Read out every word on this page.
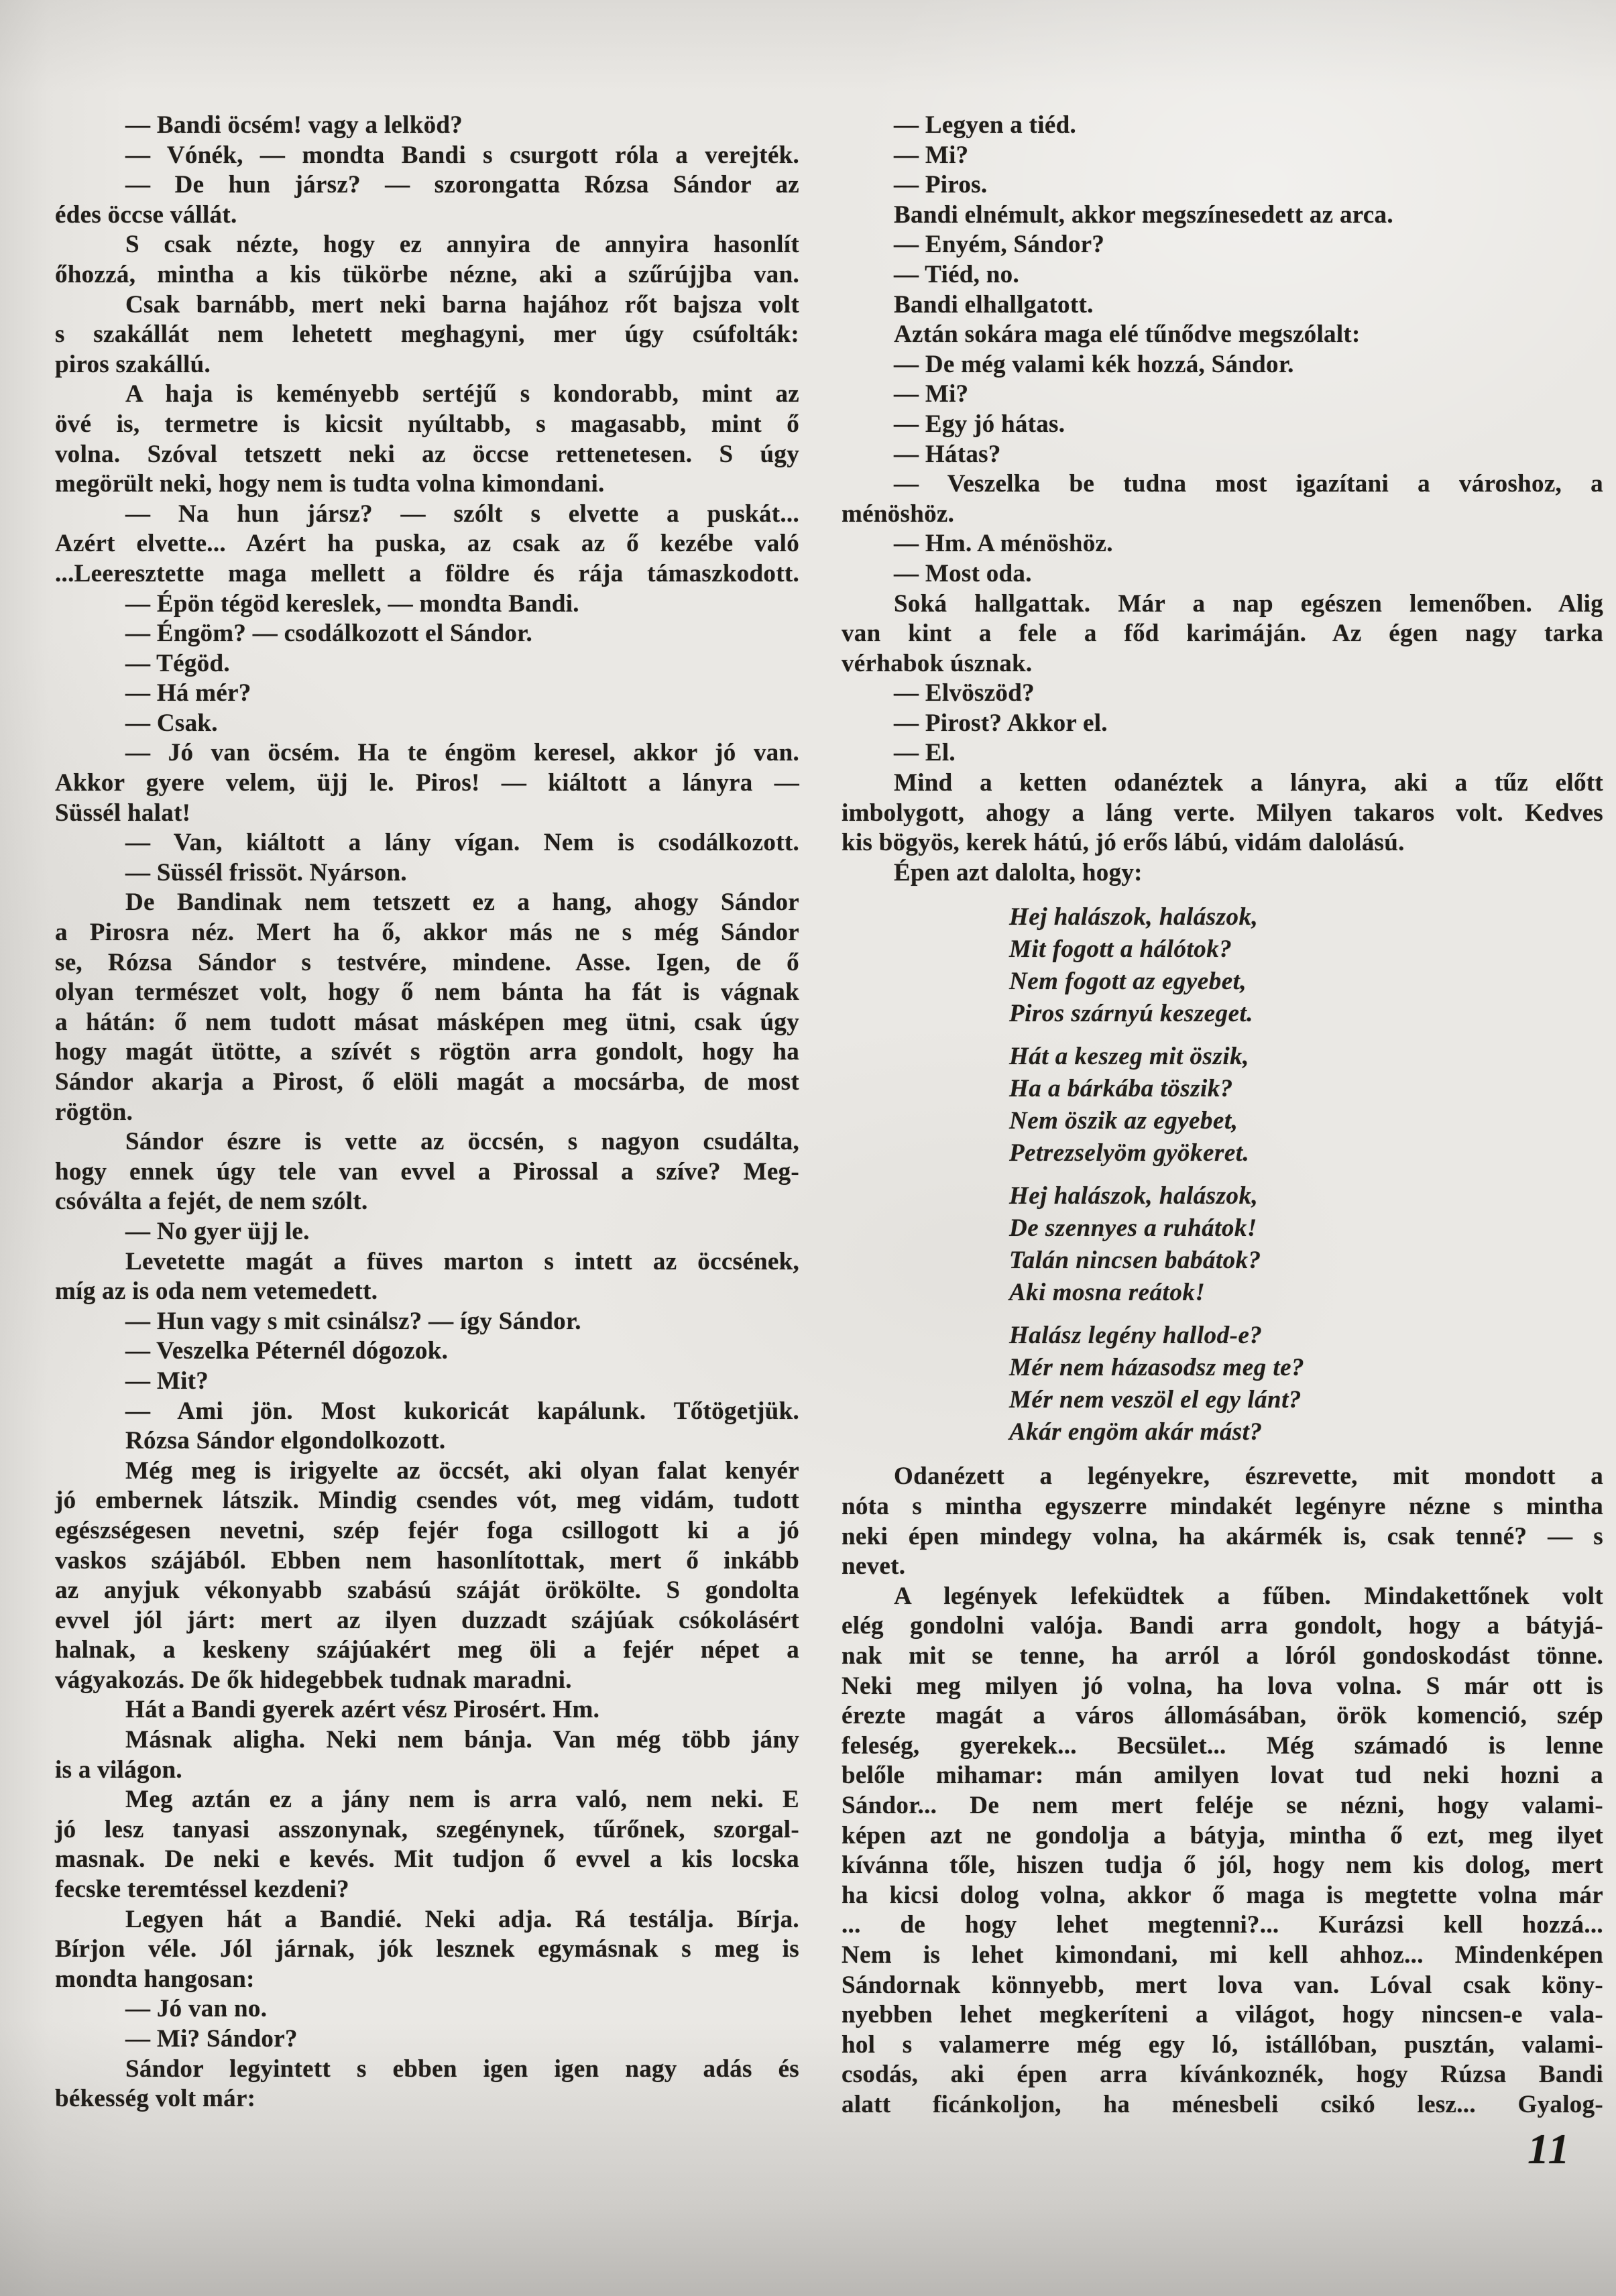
— Bandi öcsém! vagy a lelköd?
— Vónék, — mondta Bandi s csurgott róla a verejték.
— De hun jársz? — szorongatta Rózsa Sándor az
édes öccse vállát.
S csak nézte, hogy ez annyira de annyira hasonlít
őhozzá, mintha a kis tükörbe nézne, aki a szűrújjba van.
Csak barnább, mert neki barna hajához rőt bajsza volt
s szakállát nem lehetett meghagyni, mer úgy csúfolták:
piros szakállú.
A haja is keményebb sertéjű s kondorabb, mint az
övé is, termetre is kicsit nyúltabb, s magasabb, mint ő
volna. Szóval tetszett neki az öccse rettenetesen. S úgy
megörült neki, hogy nem is tudta volna kimondani.
— Na hun jársz? — szólt s elvette a puskát...
Azért elvette... Azért ha puska, az csak az ő kezébe való
...Leeresztette maga mellett a földre és rája támaszkodott.
— Épön tégöd kereslek, — mondta Bandi.
— Éngöm? — csodálkozott el Sándor.
— Tégöd.
— Há mér?
— Csak.
— Jó van öcsém. Ha te éngöm keresel, akkor jó van.
Akkor gyere velem, üjj le. Piros! — kiáltott a lányra —
Süssél halat!
— Van, kiáltott a lány vígan. Nem is csodálkozott.
— Süssél frissöt. Nyárson.
De Bandinak nem tetszett ez a hang, ahogy Sándor
a Pirosra néz. Mert ha ő, akkor más ne s még Sándor
se, Rózsa Sándor s testvére, mindene. Asse. Igen, de ő
olyan természet volt, hogy ő nem bánta ha fát is vágnak
a hátán: ő nem tudott másat másképen meg ütni, csak úgy
hogy magát ütötte, a szívét s rögtön arra gondolt, hogy ha
Sándor akarja a Pirost, ő elöli magát a mocsárba, de most
rögtön.
Sándor észre is vette az öccsén, s nagyon csudálta,
hogy ennek úgy tele van evvel a Pirossal a szíve? Meg-
csóválta a fejét, de nem szólt.
— No gyer üjj le.
Levetette magát a füves marton s intett az öccsének,
míg az is oda nem vetemedett.
— Hun vagy s mit csinálsz? — így Sándor.
— Veszelka Péternél dógozok.
— Mit?
— Ami jön. Most kukoricát kapálunk. Tőtögetjük.
Rózsa Sándor elgondolkozott.
Még meg is irigyelte az öccsét, aki olyan falat kenyér
jó embernek látszik. Mindig csendes vót, meg vidám, tudott
egészségesen nevetni, szép fejér foga csillogott ki a jó
vaskos szájából. Ebben nem hasonlítottak, mert ő inkább
az anyjuk vékonyabb szabású száját örökölte. S gondolta
evvel jól járt: mert az ilyen duzzadt szájúak csókolásért
halnak, a keskeny szájúakért meg öli a fejér népet a
vágyakozás. De ők hidegebbek tudnak maradni.
Hát a Bandi gyerek azért vész Pirosért. Hm.
Másnak aligha. Neki nem bánja. Van még több jány
is a világon.
Meg aztán ez a jány nem is arra való, nem neki. E
jó lesz tanyasi asszonynak, szegénynek, tűrőnek, szorgal-
masnak. De neki e kevés. Mit tudjon ő evvel a kis locska
fecske teremtéssel kezdeni?
Legyen hát a Bandié. Neki adja. Rá testálja. Bírja.
Bírjon véle. Jól járnak, jók lesznek egymásnak s meg is
mondta hangosan:
— Jó van no.
— Mi? Sándor?
Sándor legyintett s ebben igen igen nagy adás és
békesség volt már:
— Legyen a tiéd.
— Mi?
— Piros.
Bandi elnémult, akkor megszínesedett az arca.
— Enyém, Sándor?
— Tiéd, no.
Bandi elhallgatott.
Aztán sokára maga elé tűnődve megszólalt:
— De még valami kék hozzá, Sándor.
— Mi?
— Egy jó hátas.
— Hátas?
— Veszelka be tudna most igazítani a városhoz, a
ménöshöz.
— Hm. A ménöshöz.
— Most oda.
Soká hallgattak. Már a nap egészen lemenőben. Alig
van kint a fele a főd karimáján. Az égen nagy tarka
vérhabok úsznak.
— Elvöszöd?
— Pirost? Akkor el.
— El.
Mind a ketten odanéztek a lányra, aki a tűz előtt
imbolygott, ahogy a láng verte. Milyen takaros volt. Kedves
kis bögyös, kerek hátú, jó erős lábú, vidám dalolású.
Épen azt dalolta, hogy:
Hej halászok, halászok,
Mit fogott a hálótok?
Nem fogott az egyebet,
Piros szárnyú keszeget.
Hát a keszeg mit öszik,
Ha a bárkába töszik?
Nem öszik az egyebet,
Petrezselyöm gyökeret.
Hej halászok, halászok,
De szennyes a ruhátok!
Talán nincsen babátok?
Aki mosna reátok!
Halász legény hallod-e?
Mér nem házasodsz meg te?
Mér nem veszöl el egy lánt?
Akár engöm akár mást?
Odanézett a legényekre, észrevette, mit mondott a
nóta s mintha egyszerre mindakét legényre nézne s mintha
neki épen mindegy volna, ha akármék is, csak tenné? — s
nevet.
A legények lefeküdtek a fűben. Mindakettőnek volt
elég gondolni valója. Bandi arra gondolt, hogy a bátyjá-
nak mit se tenne, ha arról a lóról gondoskodást tönne.
Neki meg milyen jó volna, ha lova volna. S már ott is
érezte magát a város állomásában, örök komenció, szép
feleség, gyerekek... Becsület... Még számadó is lenne
belőle mihamar: mán amilyen lovat tud neki hozni a
Sándor... De nem mert feléje se nézni, hogy valami-
képen azt ne gondolja a bátyja, mintha ő ezt, meg ilyet
kívánna tőle, hiszen tudja ő jól, hogy nem kis dolog, mert
ha kicsi dolog volna, akkor ő maga is megtette volna már
... de hogy lehet megtenni?... Kurázsi kell hozzá...
Nem is lehet kimondani, mi kell ahhoz... Mindenképen
Sándornak könnyebb, mert lova van. Lóval csak köny-
nyebben lehet megkeríteni a világot, hogy nincsen-e vala-
hol s valamerre még egy ló, istállóban, pusztán, valami-
csodás, aki épen arra kívánkoznék, hogy Rúzsa Bandi
alatt ficánkoljon, ha ménesbeli csikó lesz... Gyalog-
11
